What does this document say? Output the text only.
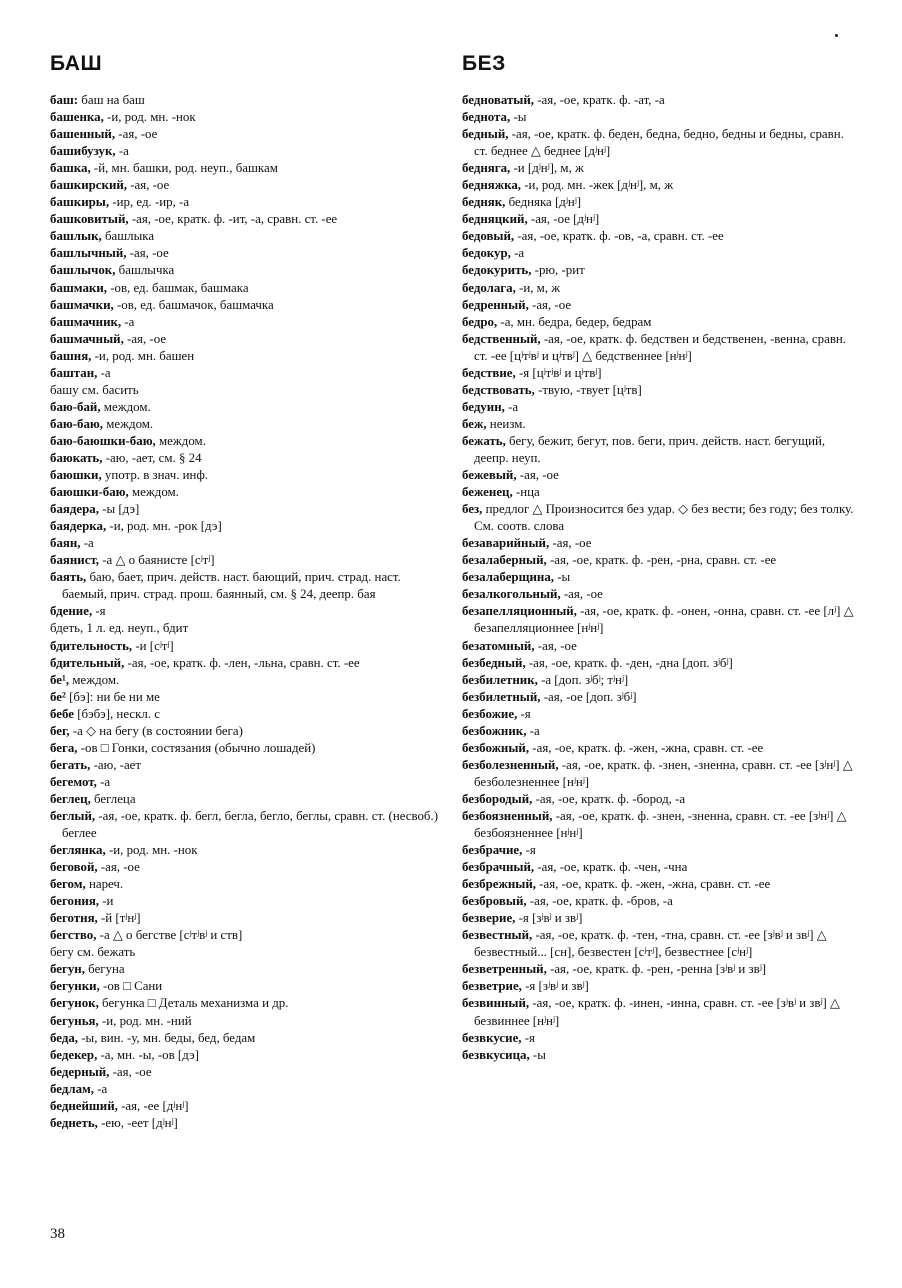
БАШ
баш: баш на баш
башенка, -и, род. мн. -нок
башенный, -ая, -ое
башибузук, -а
башка, -й, мн. башки, род. неуп., башкам
башкирский, -ая, -ое
башкиры, -ир, ед. -ир, -а
башковитый, -ая, -ое, кратк. ф. -ит, -а, сравн. ст. -ее
башлык, башлыка
башлычный, -ая, -ое
башлычок, башлычка
башмаки, -ов, ед. башмак, башмака
башмачки, -ов, ед. башмачок, башмачка
башмачник, -а
башмачный, -ая, -ое
башня, -и, род. мн. башен
баштан, -а
башу см. басить
баю-бай, междом.
баю-баю, междом.
баю-баюшки-баю, междом.
баюкать, -аю, -ает, см. § 24
баюшки, употр. в знач. инф.
баюшки-баю, междом.
баядера, -ы [дэ]
баядерка, -и, род. мн. -рок [дэ]
баян, -а
баянист, -а △ о баянисте [сʲтʲ]
баять, баю, бает, прич. действ. наст. бающий, прич. страд. наст. баемый, прич. страд. прош. баянный, см. § 24, деепр. бая
бдение, -я
бдеть, 1 л. ед. неуп., бдит
бдительность, -и [сʲтʲ]
бдительный, -ая, -ое, кратк. ф. -лен, -льна, сравн. ст. -ее
бе¹, междом.
бе² [бэ]: ни бе ни ме
бебе [бэбэ], нескл. с
бег, -а ◇ на бегу (в состоянии бега)
бега, -ов □ Гонки, состязания (обычно лошадей)
бегать, -аю, -ает
бегемот, -а
беглец, беглеца
беглый, -ая, -ое, кратк. ф. бегл, бегла, бегло, беглы, сравн. ст. (несвоб.) беглее
беглянка, -и, род. мн. -нок
беговой, -ая, -ое
бегом, нареч.
бегония, -и
беготня, -й [тʲнʲ]
бегство, -а △ о бегстве [сʲтʲвʲ и ств]
бегу см. бежать
бегун, бегуна
бегунки, -ов □ Сани
бегунок, бегунка □ Деталь механизма и др.
бегунья, -и, род. мн. -ний
беда, -ы, вин. -у, мн. беды, бед, бедам
бедекер, -а, мн. -ы, -ов [дэ]
бедерный, -ая, -ое
бедлам, -а
беднейший, -ая, -ее [дʲнʲ]
беднеть, -ею, -еет [дʲнʲ]
БЕЗ
бедноватый, -ая, -ое, кратк. ф. -ат, -а
беднота, -ы
бедный, -ая, -ое, кратк. ф. беден, бедна, бедно, бедны и бедны, сравн. ст. беднее △ беднее [дʲнʲ]
бедняга, -и [дʲнʲ], м, ж
бедняжка, -и, род. мн. -жек [дʲнʲ], м, ж
бедняк, бедняка [дʲнʲ]
бедняцкий, -ая, -ое [дʲнʲ]
бедовый, -ая, -ое, кратк. ф. -ов, -а, сравн. ст. -ее
бедокур, -а
бедокурить, -рю, -рит
бедолага, -и, м, ж
бедренный, -ая, -ое
бедро, -а, мн. бедра, бедер, бедрам
бедственный, -ая, -ое, кратк. ф. бедствен и бедственен, -венна, сравн. ст. -ее [цʲтʲвʲ и цʲтвʲ] △ бедственнее [нʲнʲ]
бедствие, -я [цʲтʲвʲ и цʲтвʲ]
бедствовать, -твую, -твует [цʲтв]
бедуин, -а
беж, неизм.
бежать, бегу, бежит, бегут, пов. беги, прич. действ. наст. бегущий, деепр. неуп.
бежевый, -ая, -ое
беженец, -нца
без, предлог △ Произносится без удар. ◇ без вести; без году; без толку. См. соотв. слова
безаварийный, -ая, -ое
безалаберный, -ая, -ое, кратк. ф. -рен, -рна, сравн. ст. -ее
безалаберщина, -ы
безалкогольный, -ая, -ое
безапелляционный, -ая, -ое, кратк. ф. -онен, -онна, сравн. ст. -ее [лʲ] △ безапелляционнее [нʲнʲ]
безатомный, -ая, -ое
безбедный, -ая, -ое, кратк. ф. -ден, -дна [доп. зʲбʲ]
безбилетник, -а [доп. зʲбʲ; тʲнʲ]
безбилетный, -ая, -ое [доп. зʲбʲ]
безбожие, -я
безбожник, -а
безбожный, -ая, -ое, кратк. ф. -жен, -жна, сравн. ст. -ее
безболезненный, -ая, -ое, кратк. ф. -знен, -зненна, сравн. ст. -ее [зʲнʲ] △ безболезненнее [нʲнʲ]
безбородый, -ая, -ое, кратк. ф. -бород, -а
безбоязненный, -ая, -ое, кратк. ф. -знен, -зненна, сравн. ст. -ее [зʲнʲ] △ безбоязненнее [нʲнʲ]
безбрачие, -я
безбрачный, -ая, -ое, кратк. ф. -чен, -чна
безбрежный, -ая, -ое, кратк. ф. -жен, -жна, сравн. ст. -ее
безбровый, -ая, -ое, кратк. ф. -бров, -а
безверие, -я [зʲвʲ и звʲ]
безвестный, -ая, -ое, кратк. ф. -тен, -тна, сравн. ст. -ее [зʲвʲ и звʲ] △ безвестный... [сн], безвестен [сʲтʲ], безвестнее [сʲнʲ]
безветренный, -ая, -ое, кратк. ф. -рен, -ренна [зʲвʲ и звʲ]
безветрие, -я [зʲвʲ и звʲ]
безвинный, -ая, -ое, кратк. ф. -инен, -инна, сравн. ст. -ее [зʲвʲ и звʲ] △ безвиннее [нʲнʲ]
безвкусие, -я
безвкусица, -ы
38
